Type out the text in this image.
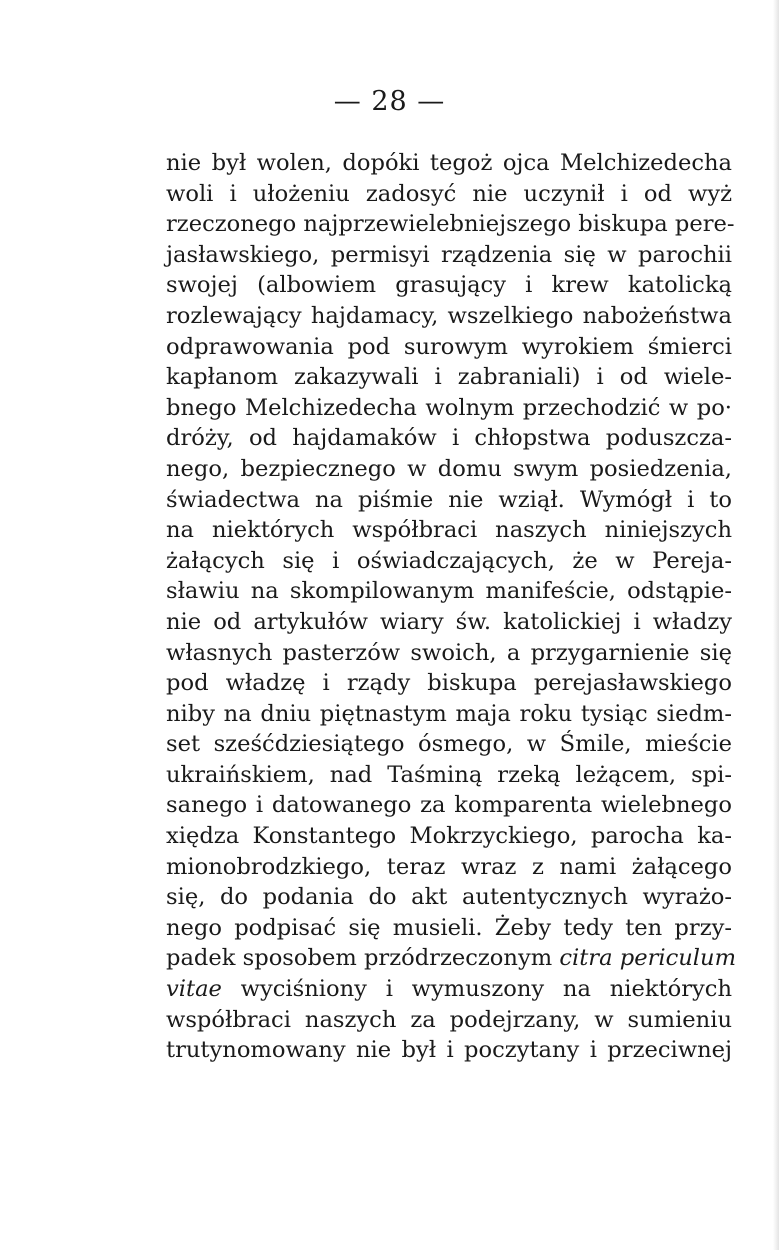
— 28 —
nie był wolen, dopóki tegoż ojca Melchizedecha
woli i ułożeniu zadosyć nie uczynił i od wyż
rzeczonego najprzewielebniejszego biskupa pere-
jasławskiego, permisyi rządzenia się w parochii
swojej (albowiem grasujący i krew katolicką
rozlewający hajdamacy, wszelkiego nabożeństwa
odprawowania pod surowym wyrokiem śmierci
kapłanom zakazywali i zabraniali) i od wiele-
bnego Melchizedecha wolnym przechodzić w po·
dróży, od hajdamaków i chłopstwa poduszcza-
nego, bezpiecznego w domu swym posiedzenia,
świadectwa na piśmie nie wziął. Wymógł i to
na niektórych współbraci naszych niniejszych
żałących się i oświadczających, że w Pereja-
sławiu na skompilowanym manifeście, odstąpie-
nie od artykułów wiary św. katolickiej i władzy
własnych pasterzów swoich, a przygarnienie się
pod władzę i rządy biskupa perejasławskiego
niby na dniu piętnastym maja roku tysiąc siedm-
set sześćdziesiątego ósmego, w Śmile, mieście
ukraińskiem, nad Taśminą rzeką leżącem, spi-
sanego i datowanego za komparenta wielebnego
xiędza Konstantego Mokrzyckiego, parocha ka-
mionobrodzkiego, teraz wraz z nami żałącego
się, do podania do akt autentycznych wyrażo-
nego podpisać się musieli. Żeby tedy ten przy-
padek sposobem przódrzeczonym citra periculum
vitae wyciśniony i wymuszony na niektórych
współbraci naszych za podejrzany, w sumieniu
trutynomowany nie był i poczytany i przeciwnej
